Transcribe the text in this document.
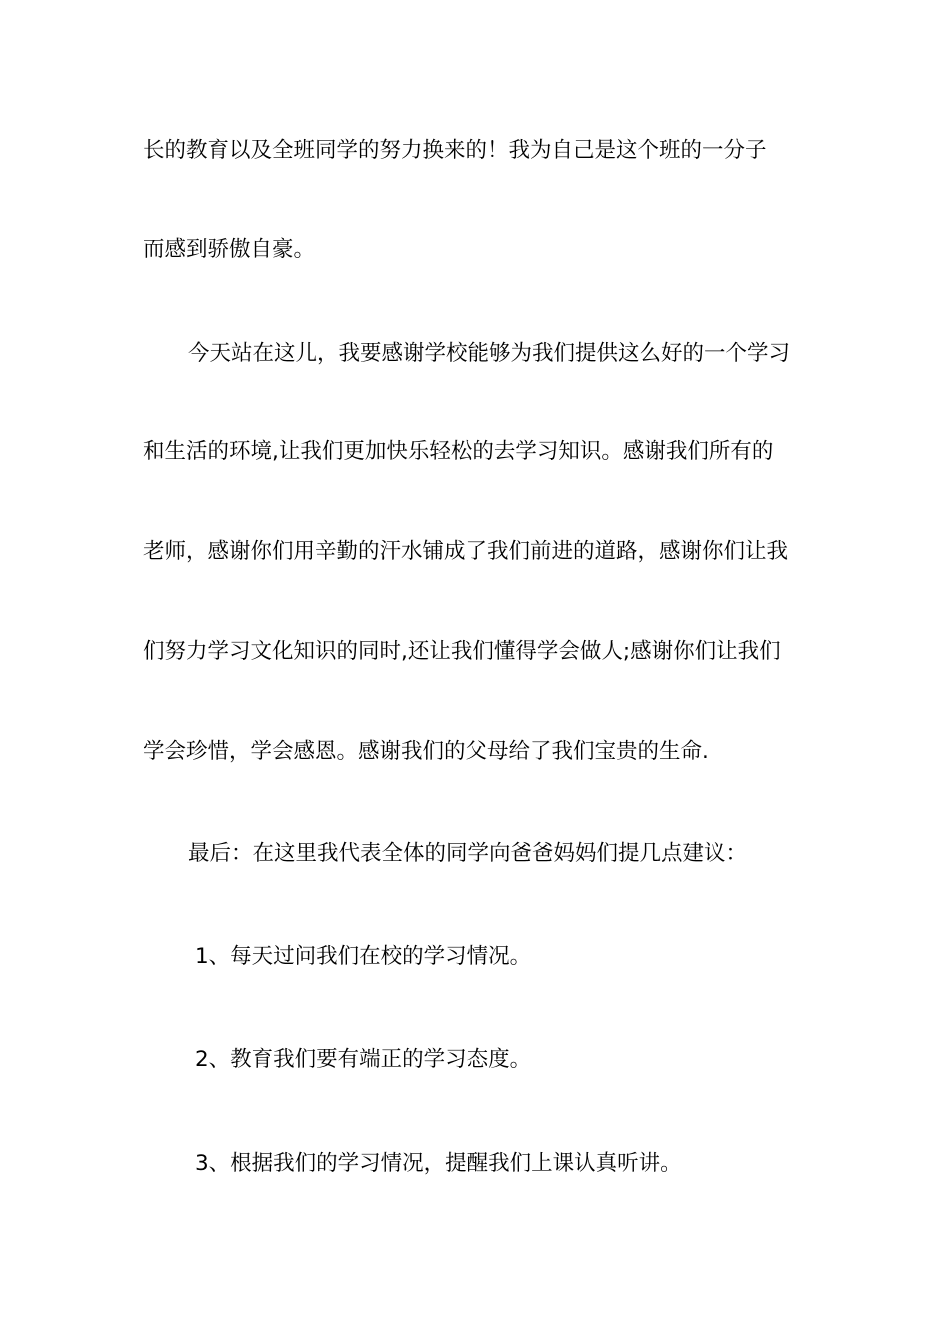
长的教育以及全班同学的努力换来的！我为自己是这个班的一分子
而感到骄傲自豪。
今天站在这儿，我要感谢学校能够为我们提供这么好的一个学习
和生活的环境,让我们更加快乐轻松的去学习知识。感谢我们所有的
老师，感谢你们用辛勤的汗水铺成了我们前进的道路，感谢你们让我
们努力学习文化知识的同时,还让我们懂得学会做人;感谢你们让我们
学会珍惜，学会感恩。感谢我们的父母给了我们宝贵的生命.
最后：在这里我代表全体的同学向爸爸妈妈们提几点建议：
1、每天过问我们在校的学习情况。
2、教育我们要有端正的学习态度。
3、根据我们的学习情况，提醒我们上课认真听讲。
